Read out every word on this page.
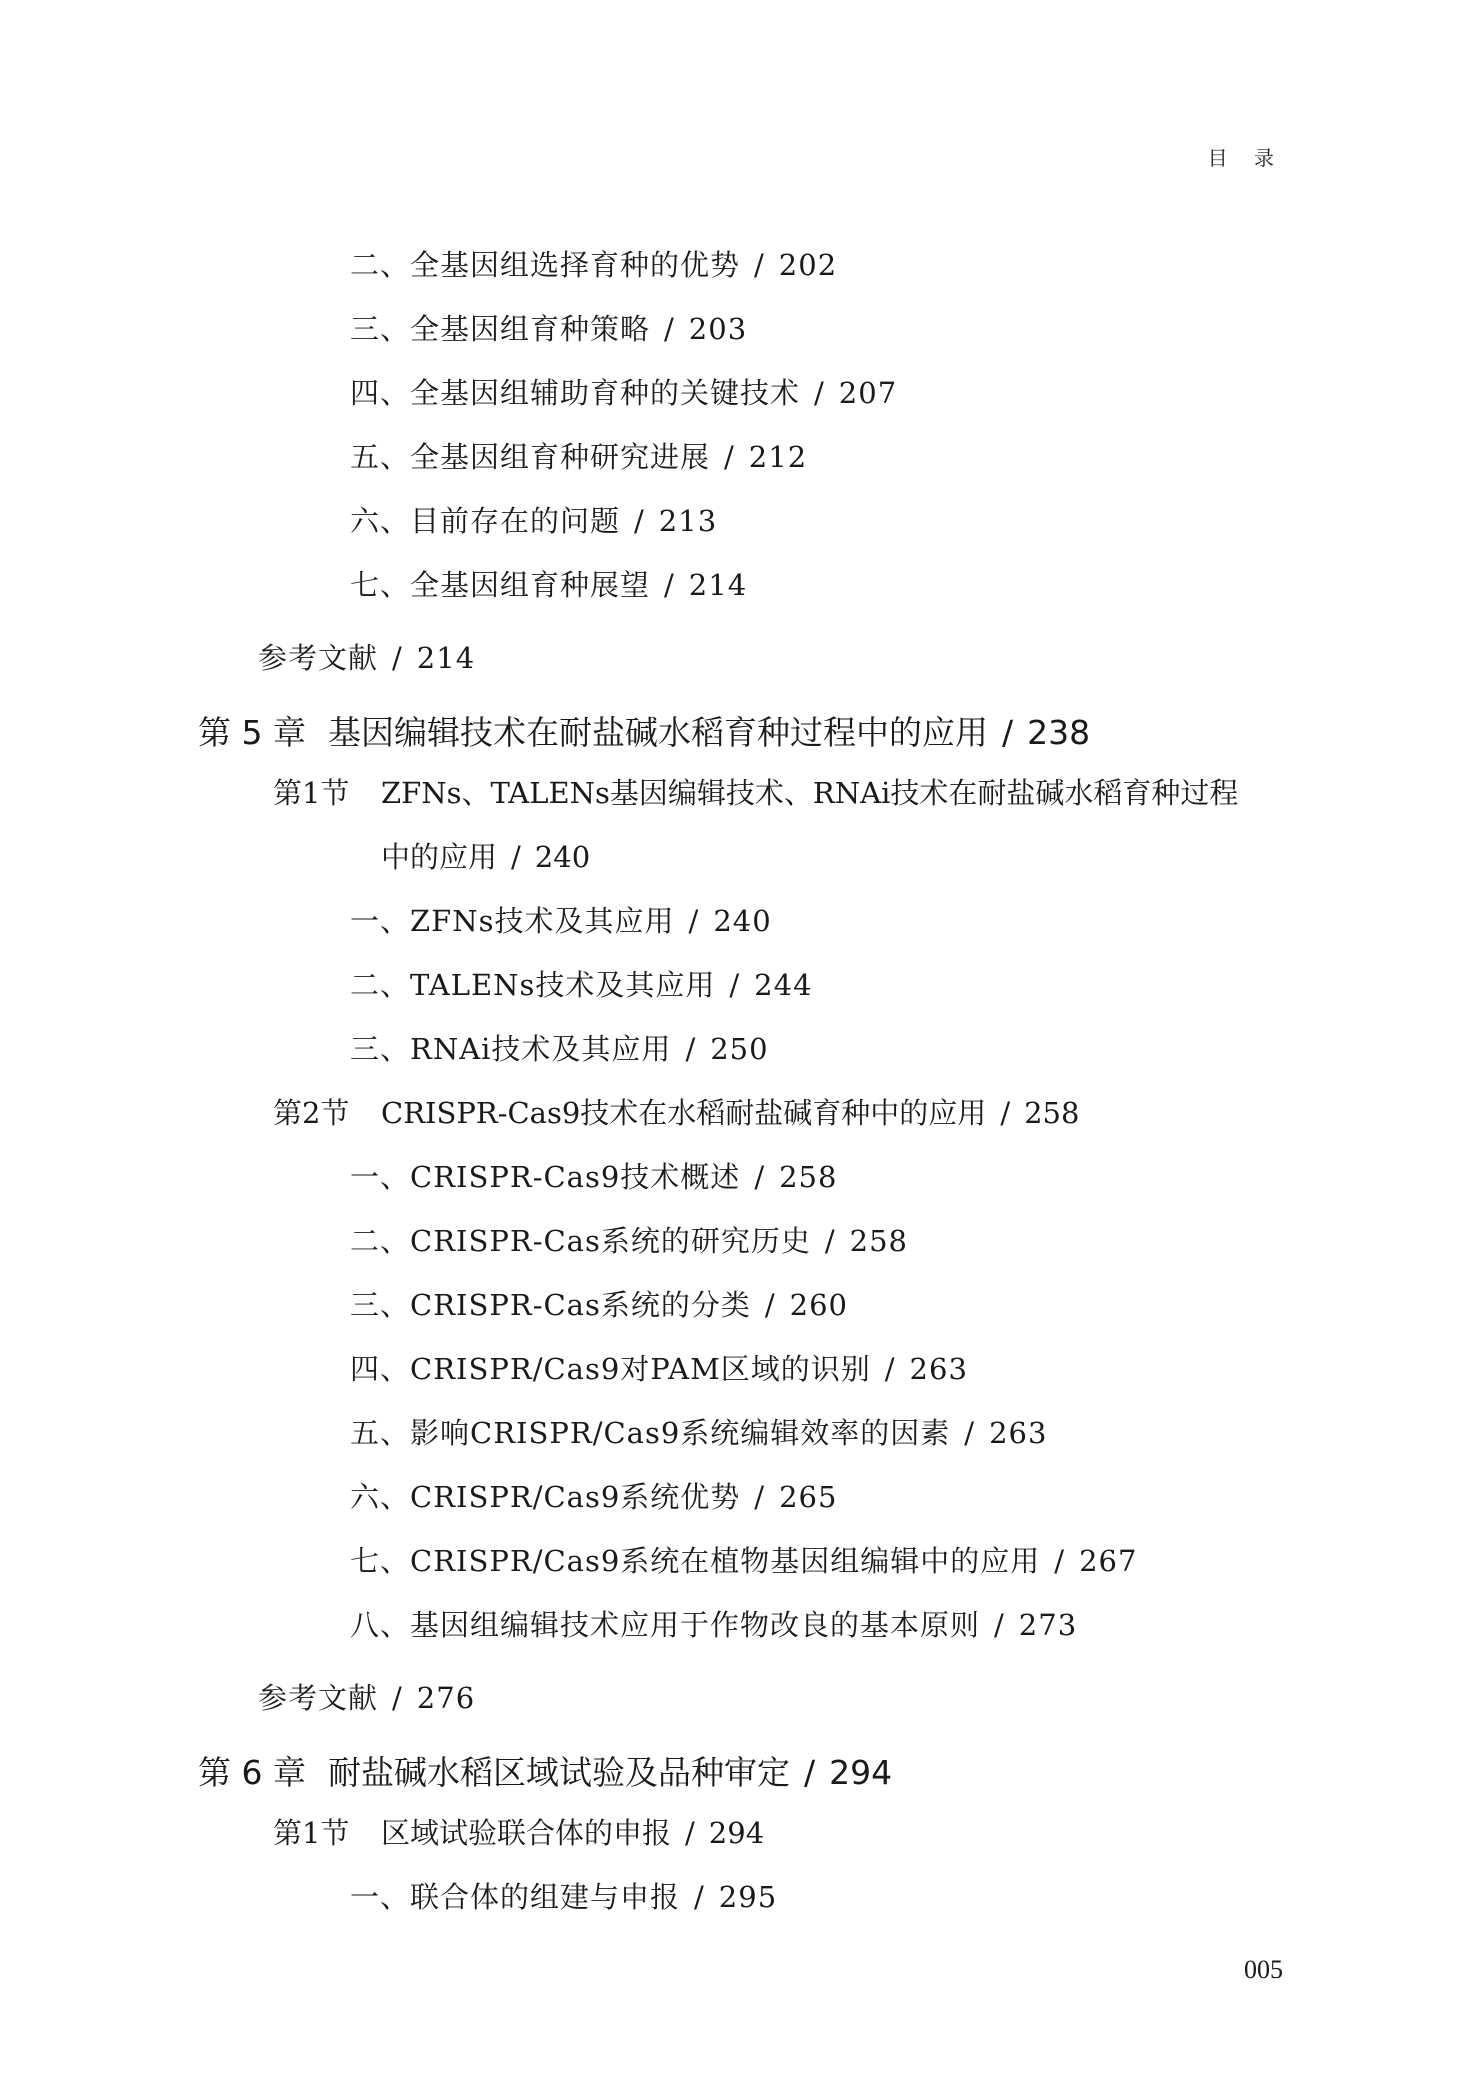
目 录
二、全基因组选择育种的优势 / 202
三、全基因组育种策略 / 203
四、全基因组辅助育种的关键技术 / 207
五、全基因组育种研究进展 / 212
六、目前存在的问题 / 213
七、全基因组育种展望 / 214
参考文献 / 214
第 5 章 基因编辑技术在耐盐碱水稻育种过程中的应用 / 238
第1节 ZFNs、TALENs基因编辑技术、RNAi技术在耐盐碱水稻育种过程
中的应用 / 240
一、ZFNs技术及其应用 / 240
二、TALENs技术及其应用 / 244
三、RNAi技术及其应用 / 250
第2节 CRISPR-Cas9技术在水稻耐盐碱育种中的应用 / 258
一、CRISPR-Cas9技术概述 / 258
二、CRISPR-Cas系统的研究历史 / 258
三、CRISPR-Cas系统的分类 / 260
四、CRISPR/Cas9对PAM区域的识别 / 263
五、影响CRISPR/Cas9系统编辑效率的因素 / 263
六、CRISPR/Cas9系统优势 / 265
七、CRISPR/Cas9系统在植物基因组编辑中的应用 / 267
八、基因组编辑技术应用于作物改良的基本原则 / 273
参考文献 / 276
第 6 章 耐盐碱水稻区域试验及品种审定 / 294
第1节 区域试验联合体的申报 / 294
一、联合体的组建与申报 / 295
005
